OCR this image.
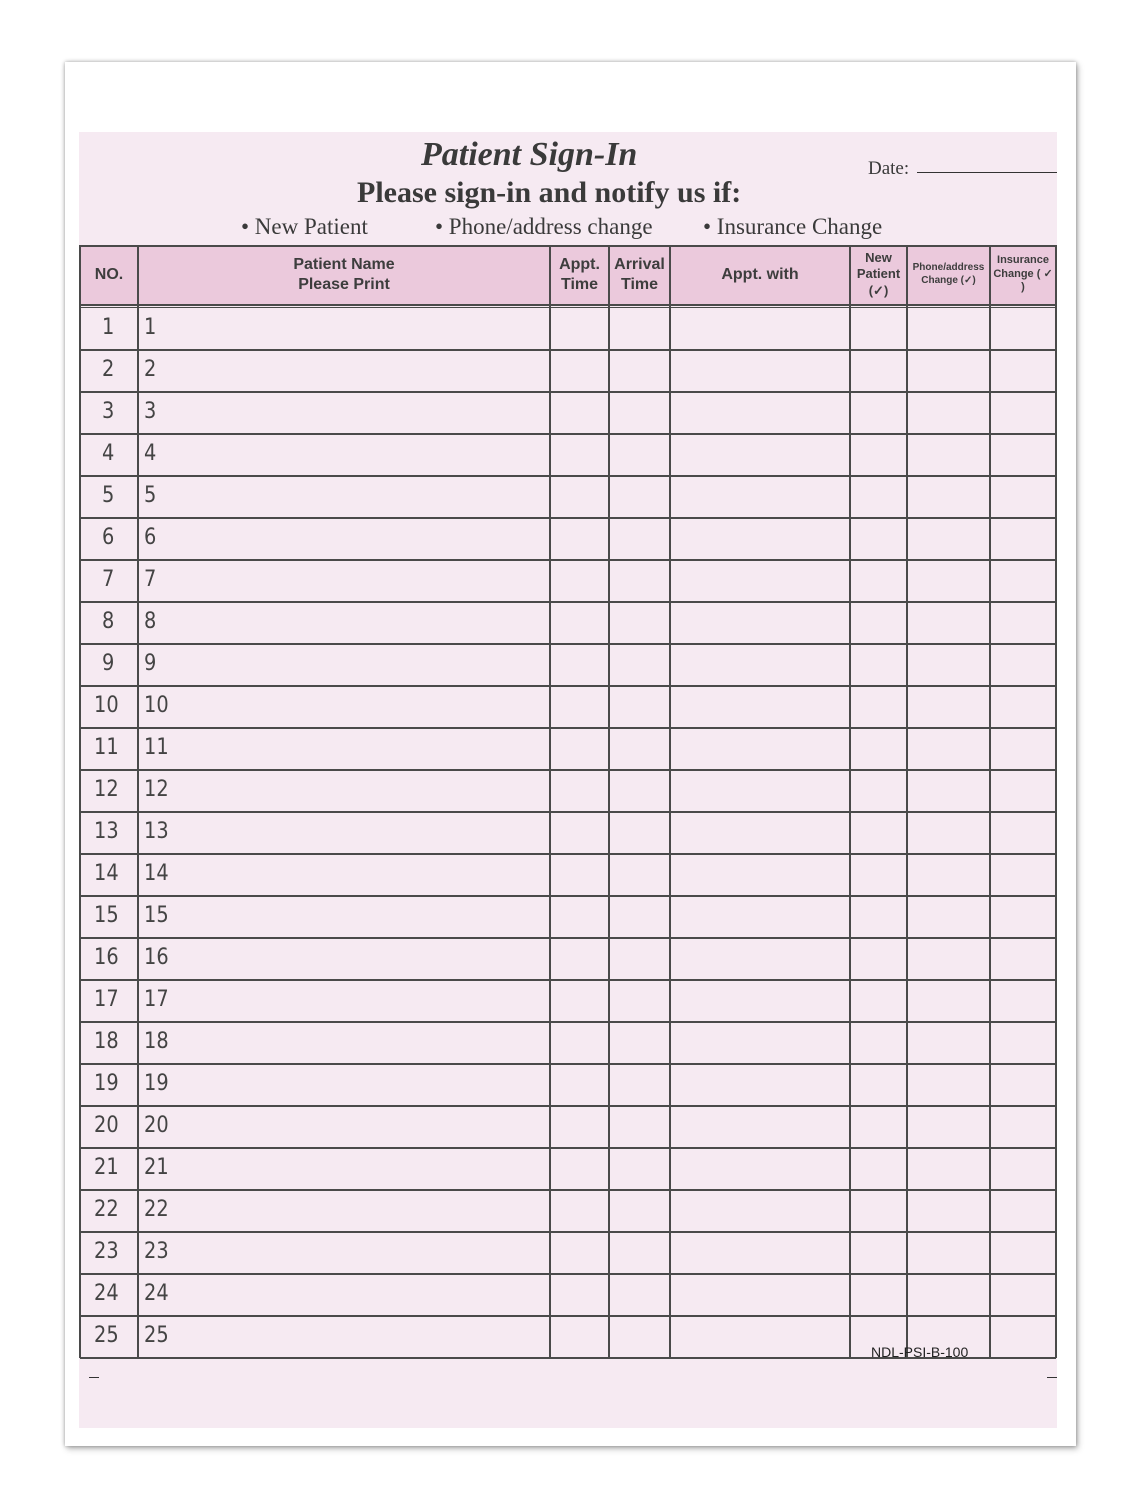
Patient Sign-In	Date:
Please sign-in and notify us if:
• New Patient	• Phone/address change • Insurance Change
NO.
Patient Name
Please Print
Appt.
Time
Arrival
Time
Appt. with
New Patient
(✓)
Phone/address
Change (✓)
Insurance
Change ( ✓ )
1 1
2 2
3 3
4 4
5 5
6 6
7 7
8 8
9 9
10 10
11 11
12 12
13 13
14 14
15 15
16 16
17 17
18 18
19 19
20 20
21 21
22 22
23 23
24 24
25 25
NDL-PSI-B-100
